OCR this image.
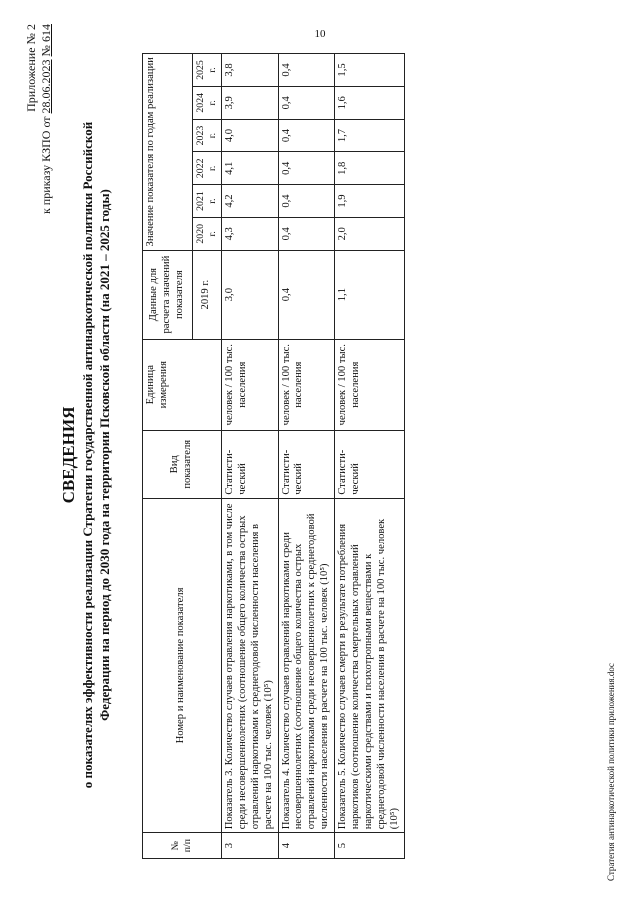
10
Приложение № 2
к приказу КЗПО от 28.06.2023 № 614
СВЕДЕНИЯ о показателях эффективности реализации Стратегии государственной антинаркотической политики Российской Федерации на период до 2030 года на территории Псковской области (на 2021 – 2025 годы)
№ п/п	Номер и наименование показателя	Вид показателя	Единица измерения	Данные для расчета значений показателя	Значение показателя по годам реализации					
				2019 г.	2020 г.	2021 г.	2022 г.	2023 г.	2024 г.	2025 г.
3	Показатель 3. Количество случаев отравления наркотиками, в том числе среди несовершеннолетних (соотношение общего количества острых отравлений наркотиками к среднегодовой численности населения в расчете на 100 тыс. человек (10⁵)	Статисти-ческий	человек / 100 тыс. населения	3,0	4,3	4,2	4,1	4,0	3,9	3,8
4	Показатель 4. Количество случаев отравлений наркотиками среди несовершеннолетних (соотношение общего количества острых отравлений наркотиками среди несовершеннолетних к среднегодовой численности населения в расчете на 100 тыс. человек (10⁵)	Статисти-ческий	человек / 100 тыс. населения	0,4	0,4	0,4	0,4	0,4	0,4	0,4
5	Показатель 5. Количество случаев смерти в результате потребления наркотиков (соотношение количества смертельных отравлений наркотическими средствами и психотропными веществами к среднегодовой численности населения в расчете на 100 тыс. человек (10⁵)	Статисти-ческий	человек / 100 тыс. населения	1,1	2,0	1,9	1,8	1,7	1,6	1,5
Стратегия антинаркотической политики приложения.doc
